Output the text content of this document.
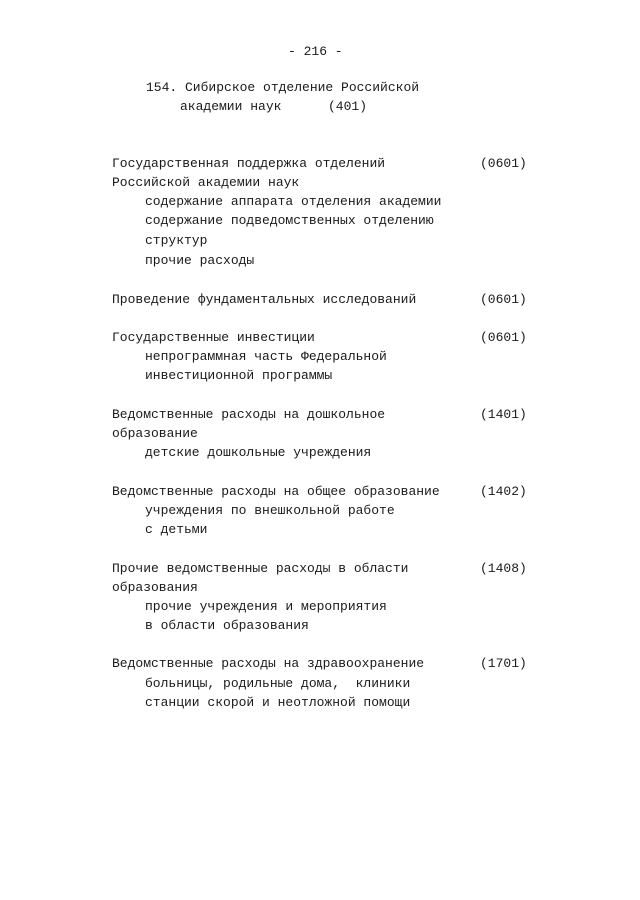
- 216 -
154. Сибирское отделение Российской
академии наук	(401)
Государственная поддержка отделений	(0601)
Российской академии наук
содержание аппарата отделения академии
содержание подведомственных отделению
структур
прочие расходы
Проведение фундаментальных исследований	(0601)
Государственные инвестиции	(0601)
непрограммная часть Федеральной
инвестиционной программы
Ведомственные расходы на дошкольное	(1401)
образование
детские дошкольные учреждения
Ведомственные расходы на общее образование	(1402)
учреждения по внешкольной работе
с детьми
Прочие ведомственные расходы в области	(1408)
образования
прочие учреждения и мероприятия
в области образования
Ведомственные расходы на здравоохранение	(1701)
больницы, родильные дома,  клиники
станции скорой и неотложной помощи
